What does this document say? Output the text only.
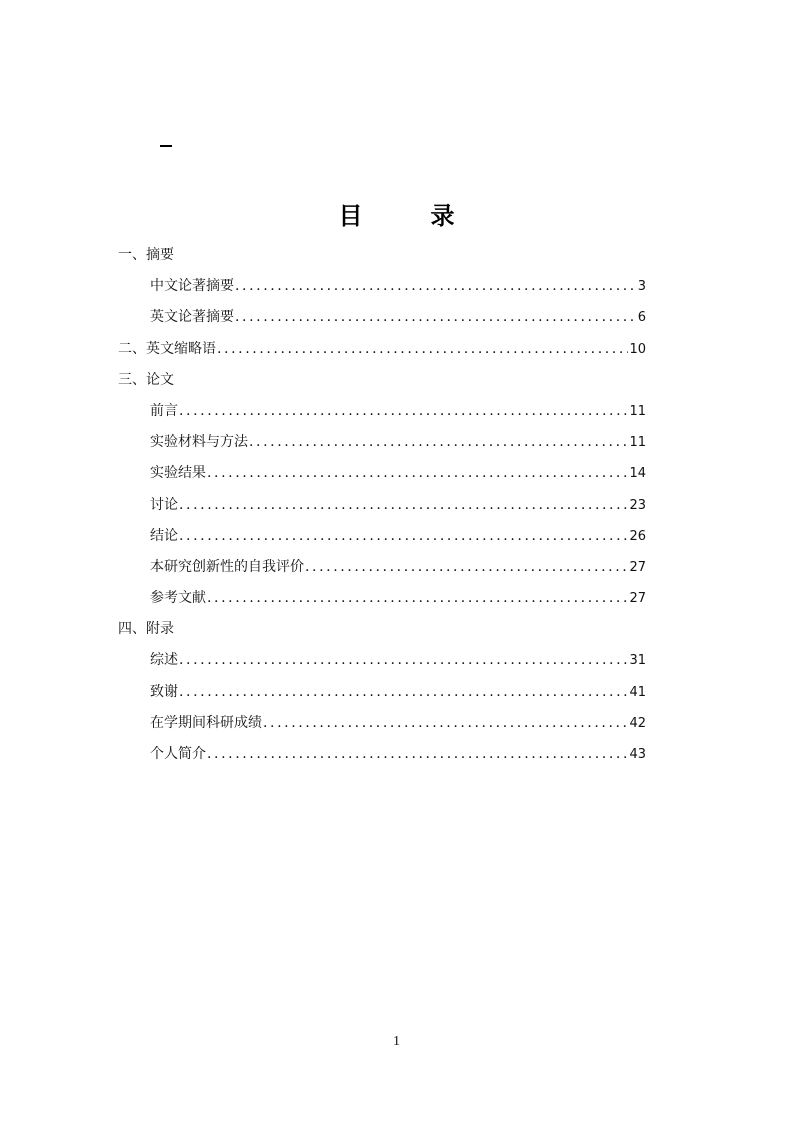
目　录
一、摘要
中文论著摘要 .....	3
英文论著摘要 .....	6
二、英文缩略语 .....	10
三、论文
前言 .....	11
实验材料与方法 .....	11
实验结果 .....	14
讨论 .....	23
结论 .....	26
本研究创新性的自我评价 .....	27
参考文献 .....	27
四、附录
综述 .....	31
致谢 .....	41
在学期间科研成绩 .....	42
个人简介 .....	43
1
